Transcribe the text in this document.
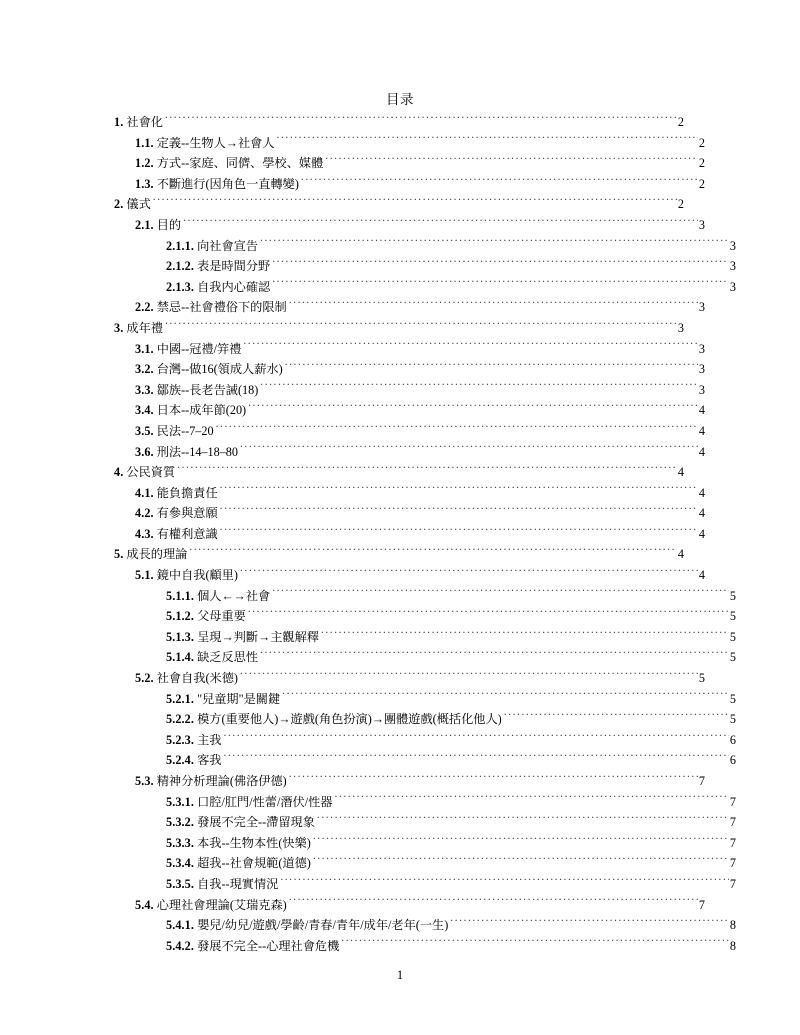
目录
1. 社會化 .....	2
1.1. 定義--生物人→社會人 .....	2
1.2. 方式--家庭、同儕、學校、媒體 .....	2
1.3. 不斷進行(因角色一直轉變) .....	2
2. 儀式 .....	2
2.1. 目的 .....	3
2.1.1. 向社會宣告 .....	3
2.1.2. 表是時間分野 .....	3
2.1.3. 自我内心確認 .....	3
2.2. 禁忌--社會禮俗下的限制 .....	3
3. 成年禮 .....	3
3.1. 中國--冠禮/笄禮 .....	3
3.2. 台灣--做16(領成人薪水) .....	3
3.3. 鄒族--長老告誡(18) .....	3
3.4. 日本--成年節(20) .....	4
3.5. 民法--7–20 .....	4
3.6. 刑法--14–18–80 .....	4
4. 公民資質 .....	4
4.1. 能負擔責任 .....	4
4.2. 有參與意願 .....	4
4.3. 有權利意識 .....	4
5. 成長的理論 .....	4
5.1. 鏡中自我(顧里) .....	4
5.1.1. 個人←→社會 .....	5
5.1.2. 父母重要 .....	5
5.1.3. 呈現→判斷→主觀解釋 .....	5
5.1.4. 缺乏反思性 .....	5
5.2. 社會自我(米德) .....	5
5.2.1. "兒童期"是關鍵 .....	5
5.2.2. 模方(重要他人)→遊戲(角色扮演)→團體遊戲(概括化他人) .....	5
5.2.3. 主我 .....	6
5.2.4. 客我 .....	6
5.3. 精神分析理論(佛洛伊德) .....	7
5.3.1. 口腔/肛門/性蕾/潛伏/性器 .....	7
5.3.2. 發展不完全--滯留現象 .....	7
5.3.3. 本我--生物本性(快樂) .....	7
5.3.4. 超我--社會規範(道德) .....	7
5.3.5. 自我--現實情況 .....	7
5.4. 心理社會理論(艾瑞克森) .....	7
5.4.1. 嬰兒/幼兒/遊戲/學齡/青春/青年/成年/老年(一生) .....	8
5.4.2. 發展不完全--心理社會危機 .....	8
1
